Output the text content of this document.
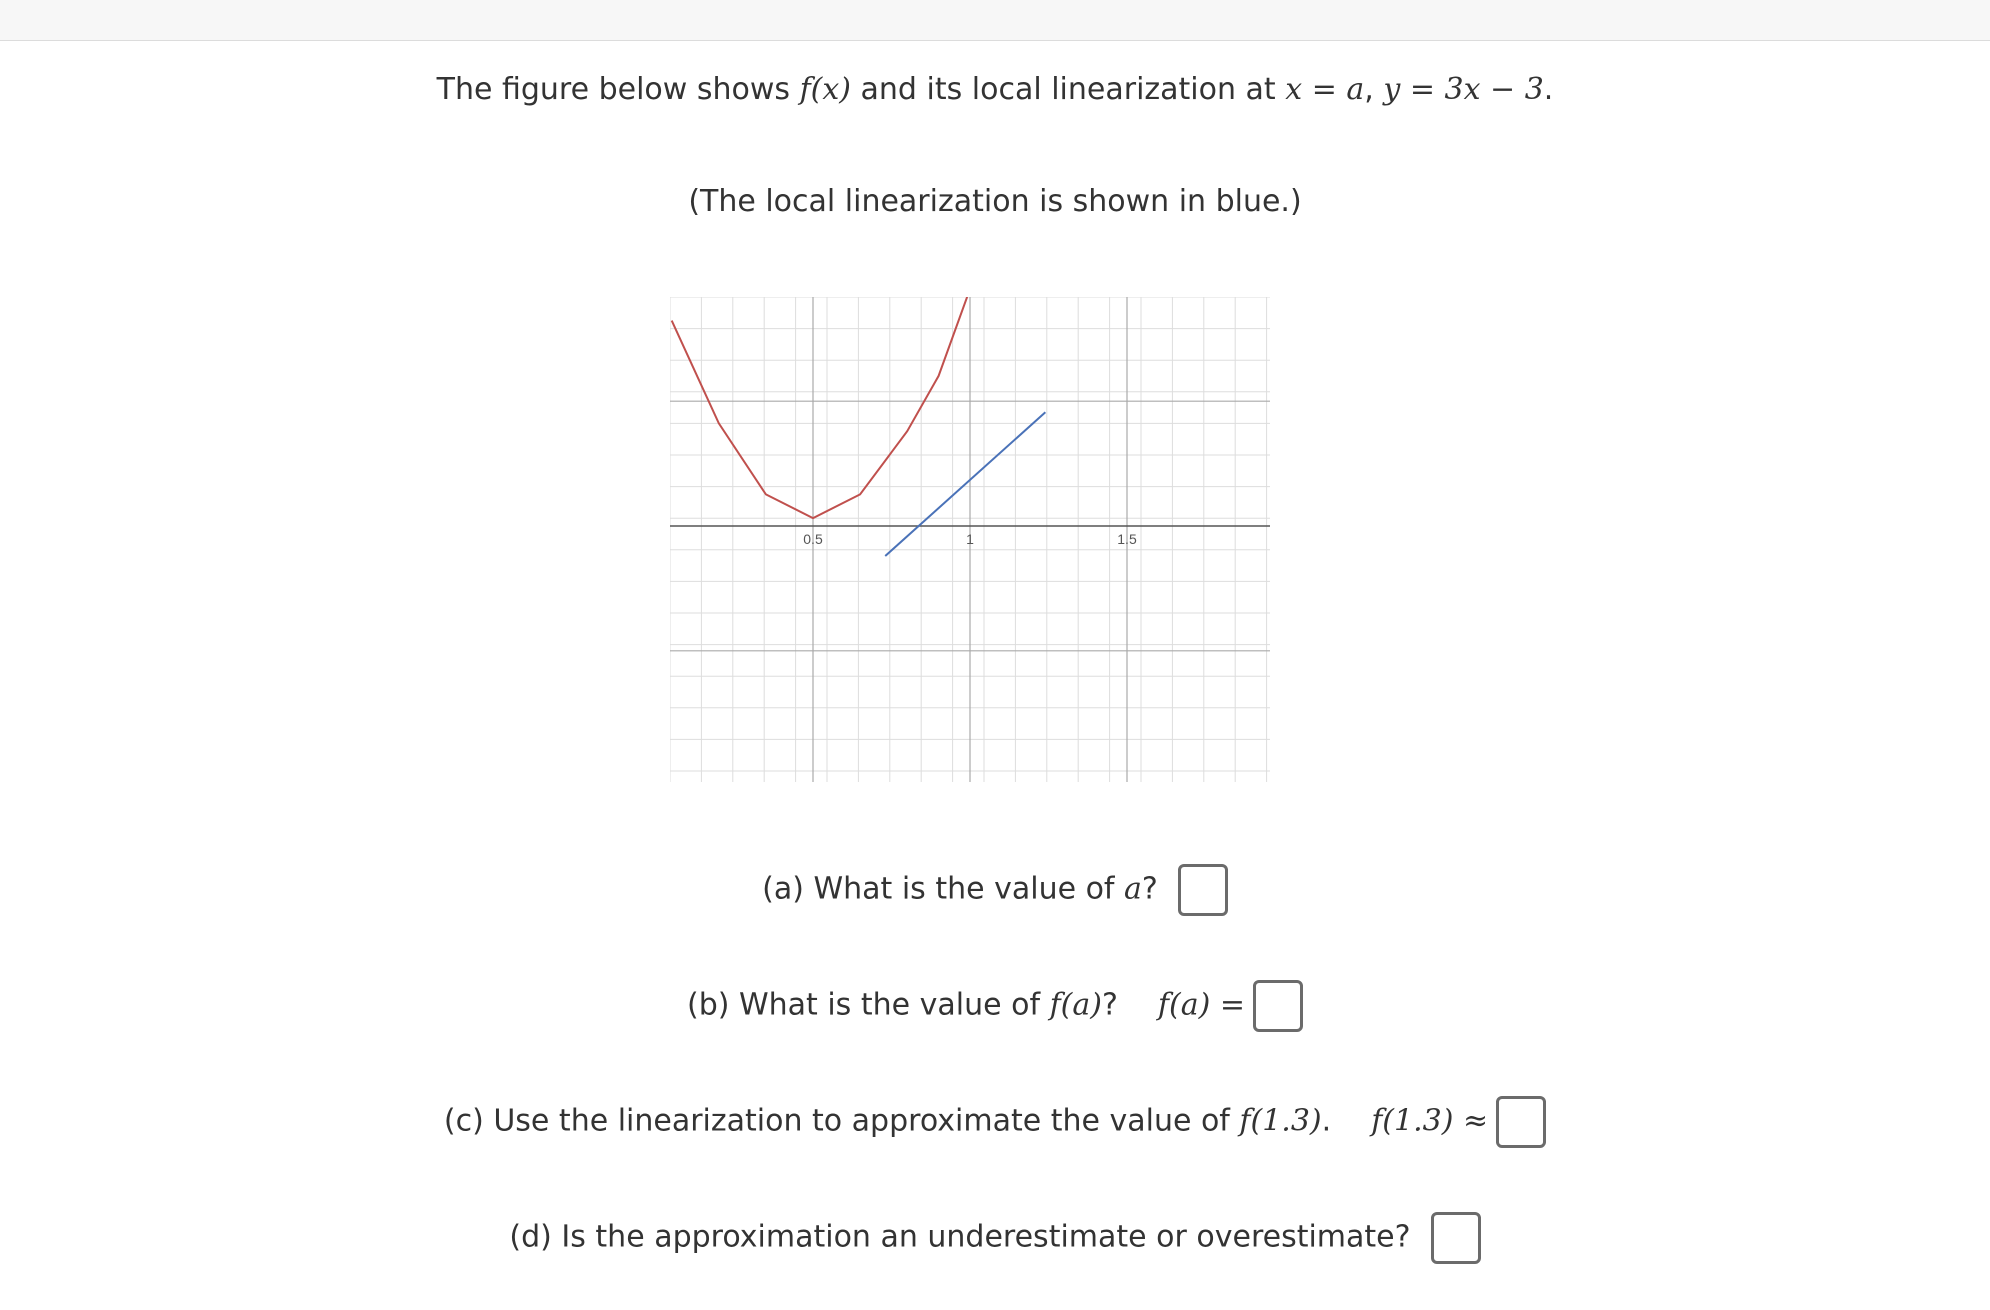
The figure below shows f(x) and its local linearization at x = a, y = 3x − 3.
(The local linearization is shown in blue.)
0.5	1	1.5
(a) What is the value of a?
(b) What is the value of f(a)? f(a) =
(c) Use the linearization to approximate the value of f(1.3). f(1.3) ≈
(d) Is the approximation an underestimate or overestimate?
